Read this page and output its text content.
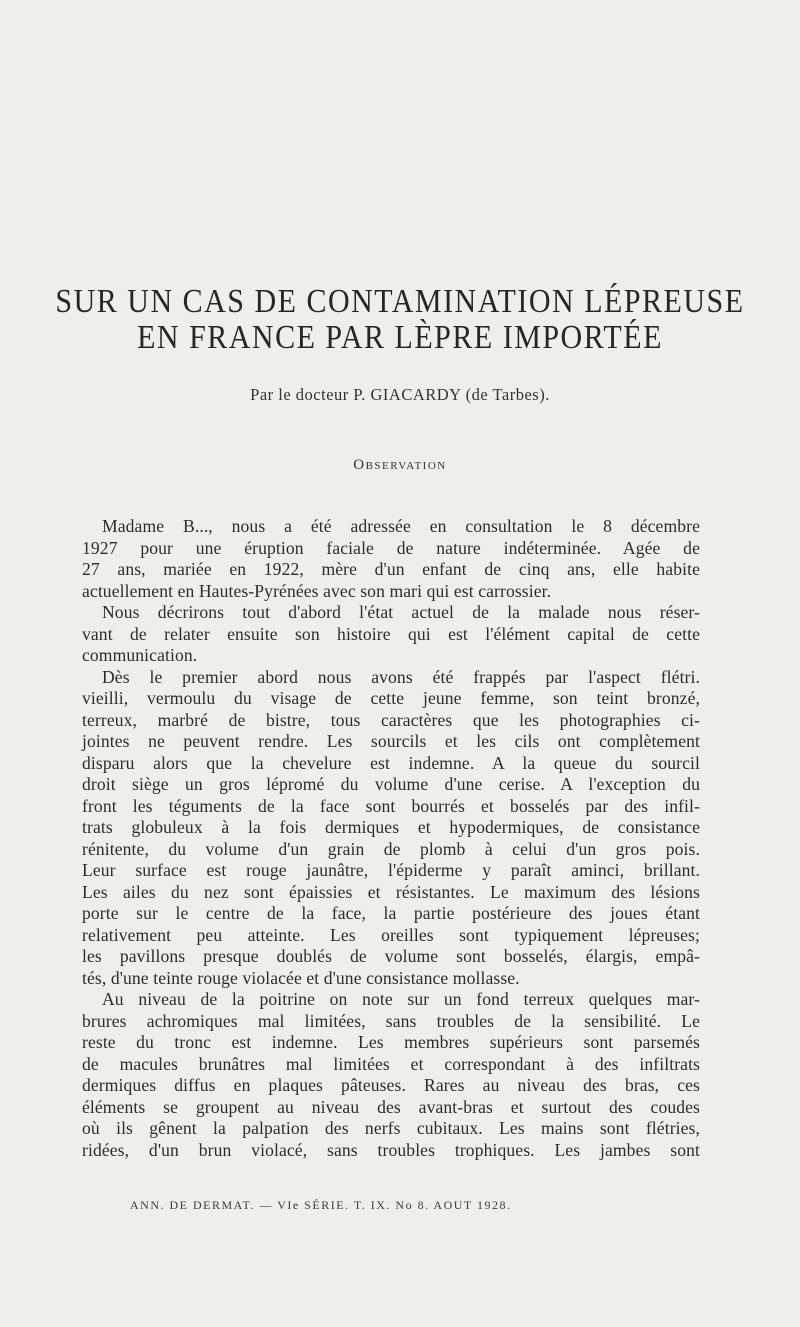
SUR UN CAS DE CONTAMINATION LÉPREUSE
EN FRANCE PAR LÈPRE IMPORTÉE
Par le docteur P. GIACARDY (de Tarbes).
Observation
Madame B..., nous a été adressée en consultation le 8 décembre
1927 pour une éruption faciale de nature indéterminée. Agée de
27 ans, mariée en 1922, mère d'un enfant de cinq ans, elle habite
actuellement en Hautes-Pyrénées avec son mari qui est carrossier.
Nous décrirons tout d'abord l'état actuel de la malade nous réser-
vant de relater ensuite son histoire qui est l'élément capital de cette
communication.
Dès le premier abord nous avons été frappés par l'aspect flétri.
vieilli, vermoulu du visage de cette jeune femme, son teint bronzé,
terreux, marbré de bistre, tous caractères que les photographies ci-
jointes ne peuvent rendre. Les sourcils et les cils ont complètement
disparu alors que la chevelure est indemne. A la queue du sourcil
droit siège un gros lépromé du volume d'une cerise. A l'exception du
front les téguments de la face sont bourrés et bosselés par des infil-
trats globuleux à la fois dermiques et hypodermiques, de consistance
rénitente, du volume d'un grain de plomb à celui d'un gros pois.
Leur surface est rouge jaunâtre, l'épiderme y paraît aminci, brillant.
Les ailes du nez sont épaissies et résistantes. Le maximum des lésions
porte sur le centre de la face, la partie postérieure des joues étant
relativement peu atteinte. Les oreilles sont typiquement lépreuses;
les pavillons presque doublés de volume sont bosselés, élargis, empâ-
tés, d'une teinte rouge violacée et d'une consistance mollasse.
Au niveau de la poitrine on note sur un fond terreux quelques mar-
brures achromiques mal limitées, sans troubles de la sensibilité. Le
reste du tronc est indemne. Les membres supérieurs sont parsemés
de macules brunâtres mal limitées et correspondant à des infiltrats
dermiques diffus en plaques pâteuses. Rares au niveau des bras, ces
éléments se groupent au niveau des avant-bras et surtout des coudes
où ils gênent la palpation des nerfs cubitaux. Les mains sont flétries,
ridées, d'un brun violacé, sans troubles trophiques. Les jambes sont
ANN. DE DERMAT. — VIe SÉRIE. T. IX. No 8. AOUT 1928.
